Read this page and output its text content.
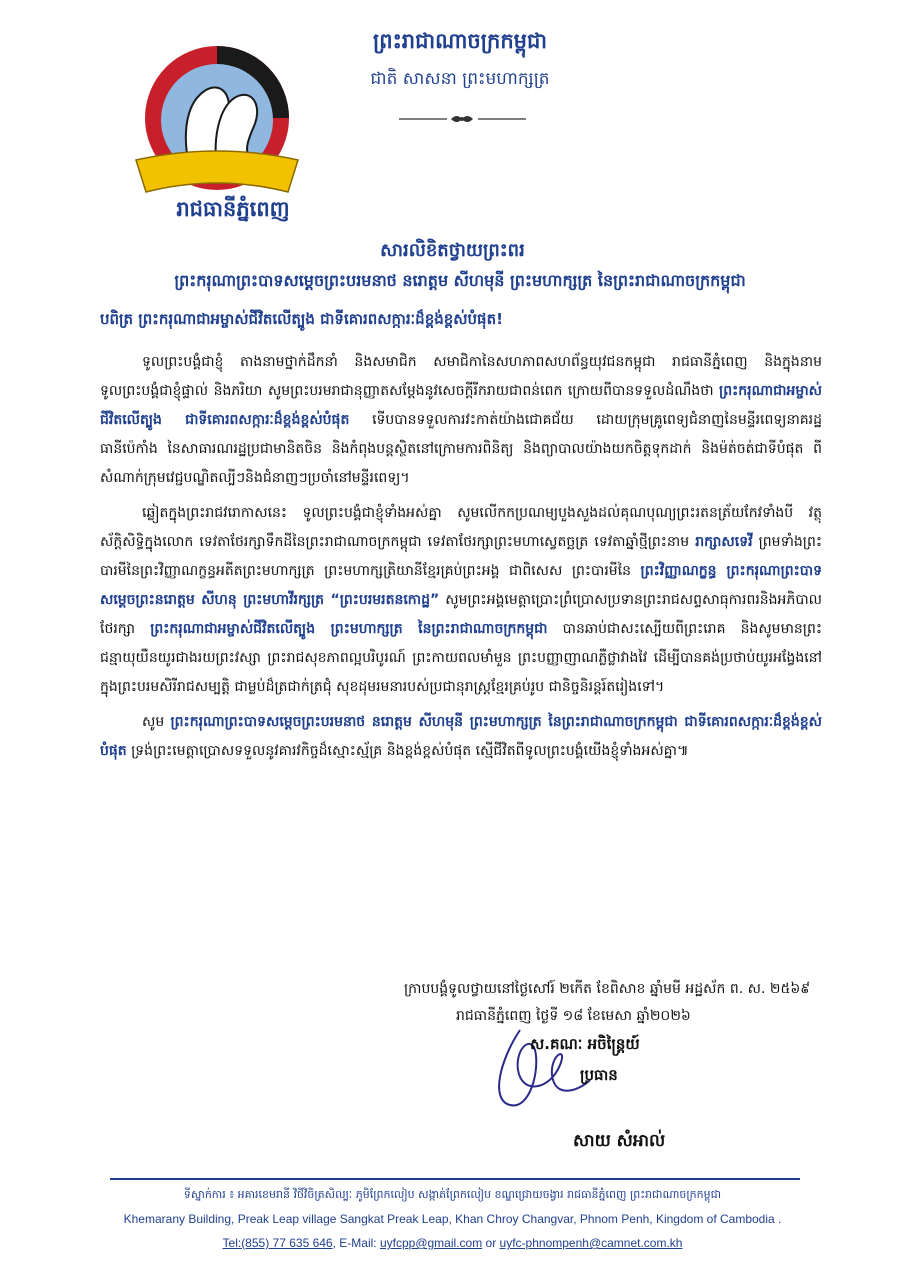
រាជធានីភ្នំពេញ
ព្រះរាជាណាចក្រកម្ពុជា
ជាតិ សាសនា ព្រះមហាក្សត្រ
សារលិខិតថ្វាយព្រះពរ
ព្រះករុណាព្រះបាទសម្ដេចព្រះបរមនាថ នរោត្តម សីហមុនី ព្រះមហាក្សត្រ នៃព្រះរាជាណាចក្រកម្ពុជា
បពិត្រ ព្រះករុណាជាអម្ចាស់ជីវិតលើត្បូង ជាទីគោរពសក្ការៈដ៏ខ្ពង់ខ្ពស់បំផុត!

ទូលព្រះបង្គំជាខ្ញុំ តាងនាមថ្នាក់ដឹកនាំ និងសមាជិក សមាជិកានៃសហភាពសហព័ន្ធយុវជនកម្ពុជា រាជធានីភ្នំពេញ និងក្នុងនាមទូលព្រះបង្គំជាខ្ញុំផ្ទាល់ និងភរិយា សូមព្រះបរមរាជានុញ្ញាតសម្ដែងនូវសេចក្ដីរីករាយជាពន់ពេក ក្រោយពីបានទទួលដំណឹងថា ព្រះករុណាជាអម្ចាស់ជីវិតលើត្បូង ជាទីគោរពសក្ការៈដ៏ខ្ពង់ខ្ពស់បំផុត ទើបបានទទួលការវះកាត់យ៉ាងជោគជ័យ ដោយក្រុមគ្រូពេទ្យជំនាញនៃមន្ទីរពេទ្យនាគរដ្ឋធានីប៉េកាំង នៃសាធារណរដ្ឋប្រជាមានិតចិន និងកំពុងបន្តស្ថិតនៅក្រោមការពិនិត្យ និងព្យាបាលយ៉ាងយកចិត្តទុកដាក់ និងម៉ត់ចត់ជាទីបំផុត ពីសំណាក់ក្រុមវេជ្ជបណ្ឌិតល្បីៗនិងជំនាញៗប្រចាំនៅមន្ទីរពេទ្យ។

ឆ្លៀតក្នុងព្រះរាជវរោកាសនេះ ទូលព្រះបង្គំជាខ្ញុំទាំងអស់គ្នា សូមលើកកប្រណម្យបួងសួងដល់គុណបុណ្យព្រះរតនត្រ័យកែវទាំងបី វត្ថុស័ក្តិសិទ្ធិក្នុងលោក ទេវតាថែរក្សាទឹកដីនៃព្រះរាជាណាចក្រកម្ពុជា ទេវតាថែរក្សាព្រះមហាស្វេតច្ឆត្រ ទេវតាឆ្នាំថ្មីព្រះនាម រាក្សាសទេវី ព្រមទាំងព្រះបារមីនៃព្រះវិញ្ញាណក្ខន្ធអតីតព្រះមហាក្សត្រ ព្រះមហាក្សត្រិយានីខ្មែរគ្រប់ព្រះអង្គ ជាពិសេស ព្រះបារមីនៃ ព្រះវិញ្ញាណក្ខន្ធ ព្រះករុណាព្រះបាទសម្ដេចព្រះនរោត្តម សីហនុ ព្រះមហាវីរក្សត្រ “ព្រះបរមរតនកោដ្ឋ” សូមព្រះអង្គមេត្តាប្រោះព្រំប្រោសប្រទានព្រះរាជសព្ទសាធុការពរនិងអភិបាលថែរក្សា ព្រះករុណាជាអម្ចាស់ជីវិតលើត្បូង ព្រះមហាក្សត្រ នៃព្រះរាជាណាចក្រកម្ពុជា បានឆាប់ជាសះស្បើយពីព្រះរោគ និងសូមមានព្រះជន្មាយុយឺនយូរជាងរយព្រះវស្សា ព្រះរាជសុខភាពល្អបរិបូរណ៍ ព្រះកាយពលមាំមួន ព្រះបញ្ញាញាណភ្លឺថ្លាវាងវៃ ដើម្បីបានគង់ប្រថាប់យូរអង្វែងនៅក្នុងព្រះបរមសិរីរាជសម្បត្តិ ជាម្លប់ដ៏ត្រជាក់ត្រជុំ សុខដុមរមនារបស់ប្រជានុរាស្ត្រខ្មែរគ្រប់រូប ជានិច្ចនិរន្តរ៍តរៀងទៅ។

សូម ព្រះករុណាព្រះបាទសម្ដេចព្រះបរមនាថ នរោត្តម សីហមុនី ព្រះមហាក្សត្រ នៃព្រះរាជាណាចក្រកម្ពុជា ជាទីគោរពសក្ការៈដ៏ខ្ពង់ខ្ពស់បំផុត ទ្រង់ព្រះមេត្តាប្រោសទទួលនូវគារវកិច្ចដ៏ស្មោះស្ម័គ្រ និងខ្ពង់ខ្ពស់បំផុត ស្មើជីវិតពីទូលព្រះបង្គំយើងខ្ញុំទាំងអស់គ្នា៕

ក្រាបបង្គំទូលថ្វាយនៅថ្ងៃសៅរ៍ ២កើត ខែពិសាខ ឆ្នាំមមី អដ្ឋស័ក ព. ស. ២៥៦៩
រាជធានីភ្នំពេញ ថ្ងៃទី ១៨ ខែមេសា ឆ្នាំ២០២៦
ស.គណៈ អចិន្ត្រៃយ៍
ប្រធាន
សាយ សំអាល់
ទីស្នាក់ការ ៖ អគារខេមរានី វិថីវិចិត្រសិល្បៈ ភូមិព្រែកលៀប សង្កាត់ព្រែកលៀប ខណ្ឌជ្រោយចង្វារ រាជធានីភ្នំពេញ ព្រះរាជាណាចក្រកម្ពុជា
Khemarany Building, Preak Leap village Sangkat Preak Leap, Khan Chroy Changvar, Phnom Penh, Kingdom of Cambodia .
Tel:(855) 77 635 646, E-Mail: uyfcpp@gmail.com or uyfc-phnompenh@camnet.com.kh
